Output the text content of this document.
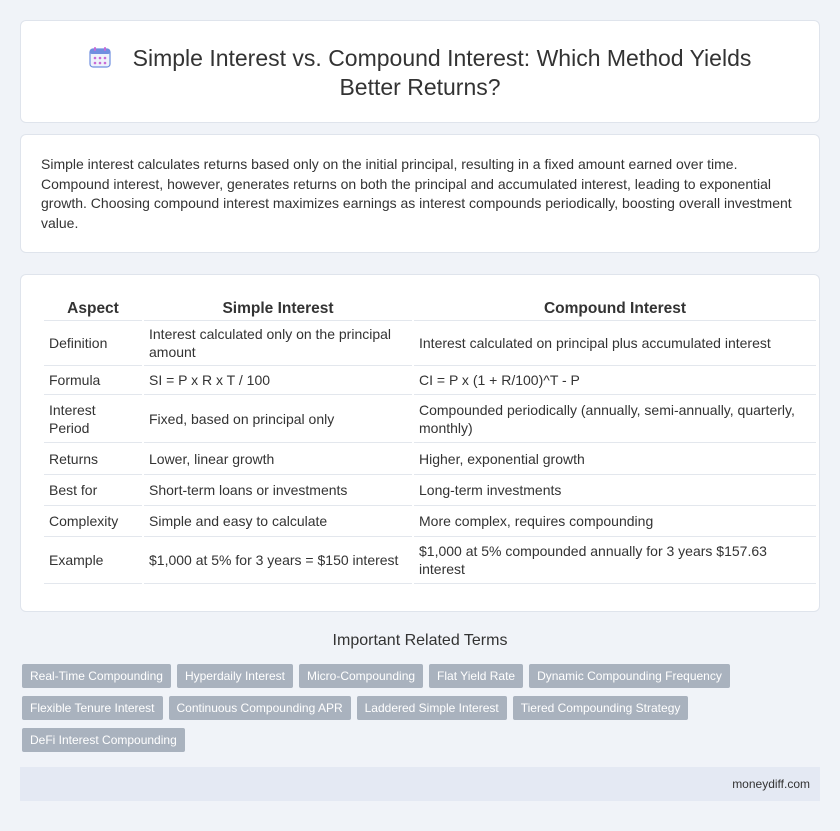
Simple Interest vs. Compound Interest: Which Method Yields
Better Returns?

Simple interest calculates returns based only on the initial principal, resulting in a fixed amount earned over time. Compound interest, however, generates returns on both the principal and accumulated interest, leading to exponential growth. Choosing compound interest maximizes earnings as interest compounds periodically, boosting overall investment value.

Aspect	Simple Interest	Compound Interest
Definition	Interest calculated only on the principal amount	Interest calculated on principal plus accumulated interest
Formula	SI = P x R x T / 100	CI = P x (1 + R/100)^T - P
Interest Period	Fixed, based on principal only	Compounded periodically (annually, semi-annually, quarterly, monthly)
Returns	Lower, linear growth	Higher, exponential growth
Best for	Short-term loans or investments	Long-term investments
Complexity	Simple and easy to calculate	More complex, requires compounding
Example	$1,000 at 5% for 3 years = $150 interest	$1,000 at 5% compounded annually for 3 years $157.63 interest
Important Related Terms
Real-Time Compounding	Hyperdaily Interest	Micro-Compounding	Flat Yield Rate	Dynamic Compounding Frequency
Flexible Tenure Interest	Continuous Compounding APR	Laddered Simple Interest	Tiered Compounding Strategy
DeFi Interest Compounding
moneydiff.com
